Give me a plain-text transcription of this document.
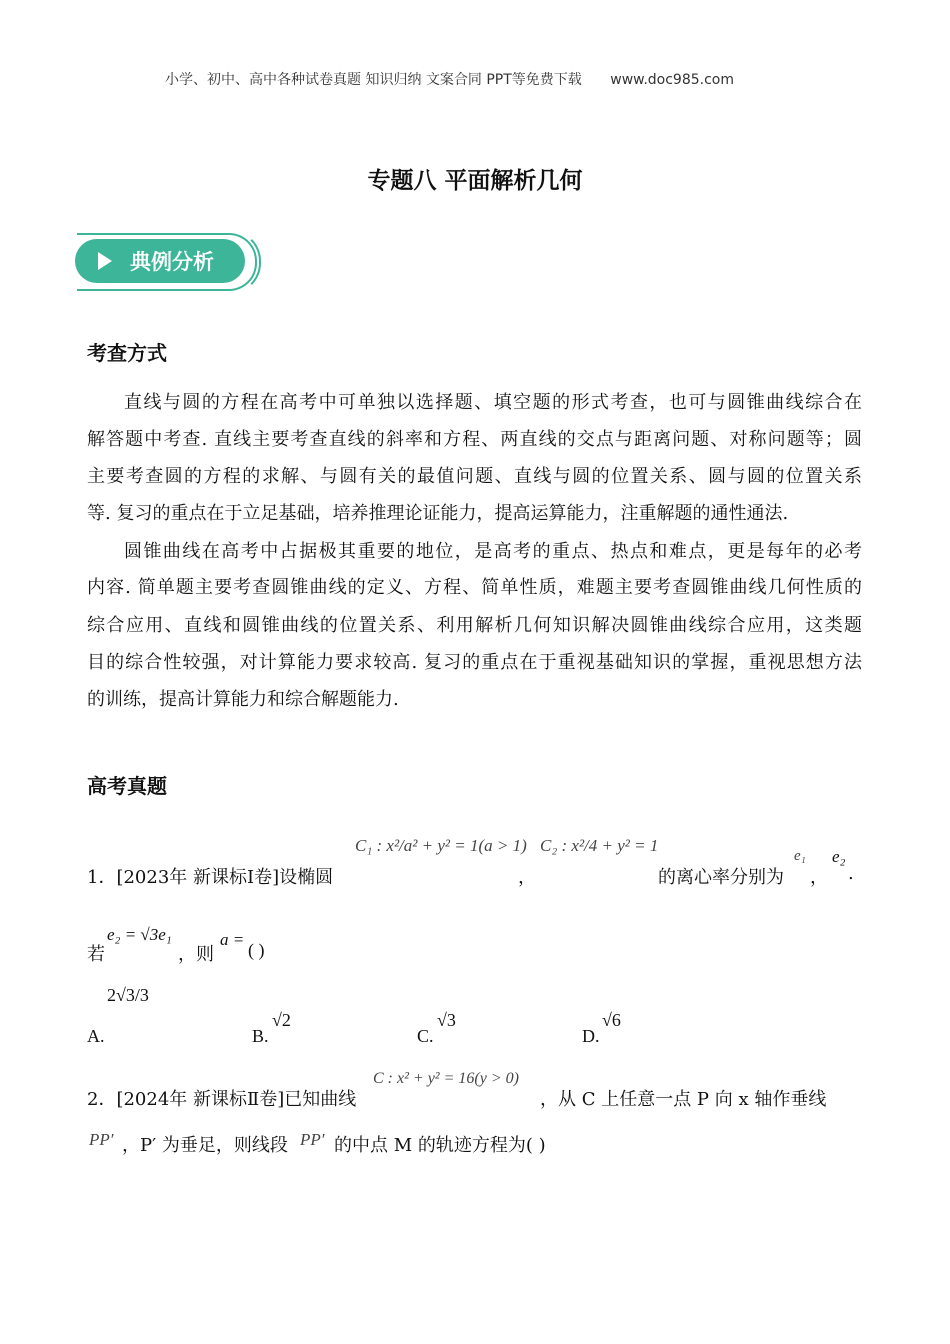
小学、初中、高中各种试卷真题 知识归纳 文案合同 PPT等免费下载 www.doc985.com
专题八 平面解析几何
典例分析
考查方式
直线与圆的方程在高考中可单独以选择题、填空题的形式考查，也可与圆锥曲线综合在
解答题中考查. 直线主要考查直线的斜率和方程、两直线的交点与距离问题、对称问题等；圆
主要考查圆的方程的求解、与圆有关的最值问题、直线与圆的位置关系、圆与圆的位置关系
等. 复习的重点在于立足基础，培养推理论证能力，提高运算能力，注重解题的通性通法.
圆锥曲线在高考中占据极其重要的地位，是高考的重点、热点和难点，更是每年的必考
内容. 简单题主要考查圆锥曲线的定义、方程、简单性质，难题主要考查圆锥曲线几何性质的
综合应用、直线和圆锥曲线的位置关系、利用解析几何知识解决圆锥曲线综合应用，这类题
目的综合性较强，对计算能力要求较高. 复习的重点在于重视基础知识的掌握，重视思想方法
的训练，提高计算能力和综合解题能力.
高考真题
1．[2023年 新课标Ⅰ卷]设椭圆
C₁ : x²/a² + y² = 1(a > 1)
，
C₂ : x²/4 + y² = 1
的离心率分别为
e₁
，
e₂
.
若
e₂ = √3e₁
，则
a =
( )
A.
2√3/3
B.
√2
C.
√3
D.
√6
2．[2024年 新课标Ⅱ卷]已知曲线
C : x² + y² = 16(y > 0)
，从 C 上任意一点 P 向 x 轴作垂线
PP′ ，P′ 为垂足，则线段 PP′ 的中点 M 的轨迹方程为( )
